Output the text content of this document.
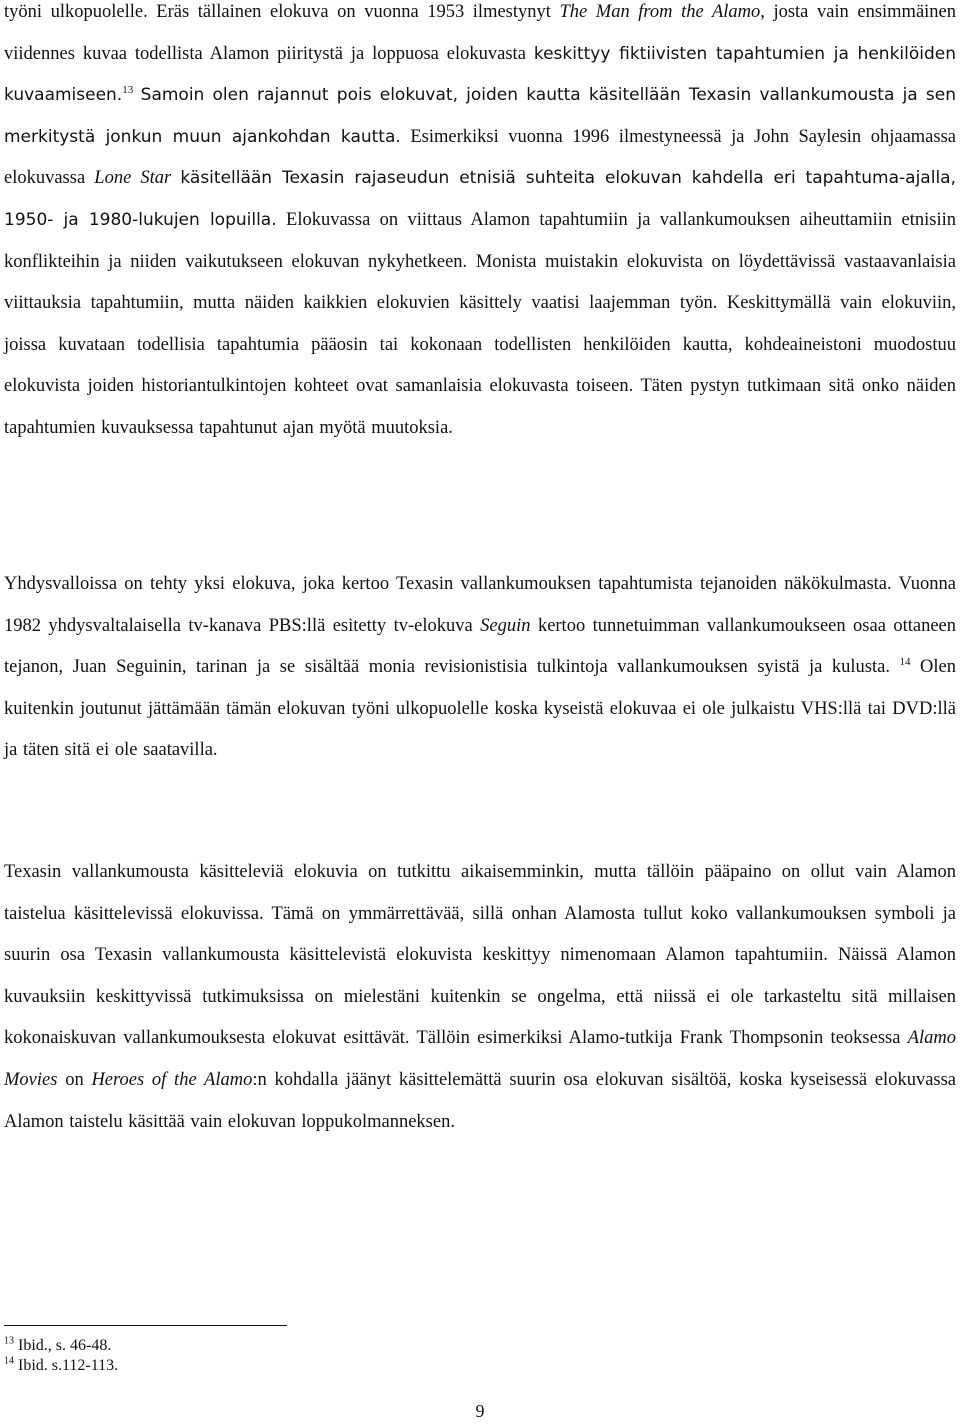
työni ulkopuolelle. Eräs tällainen elokuva on vuonna 1953 ilmestynyt The Man from the Alamo, josta vain ensimmäinen viidennes kuvaa todellista Alamon piiritystä ja loppuosa elokuvasta keskittyy fiktiivisten tapahtumien ja henkilöiden kuvaamiseen.$^{13}$ Samoin olen rajannut pois elokuvat, joiden kautta käsitellään Texasin vallankumousta ja sen merkitystä jonkun muun ajankohdan kautta. Esimerkiksi vuonna 1996 ilmestyneessä ja John Saylesin ohjaamassa elokuvassa Lone Star käsitellään Texasin rajaseudun etnisiä suhteita elokuvan kahdella eri tapahtuma-ajalla, 1950- ja 1980-lukujen lopuilla. Elokuvassa on viittaus Alamon tapahtumiin ja vallankumouksen aiheuttamiin etnisiin konflikteihin ja niiden vaikutukseen elokuvan nykyhetkeen. Monista muistakin elokuvista on löydettävissä vastaavanlaisia viittauksia tapahtumiin, mutta näiden kaikkien elokuvien käsittely vaatisi laajemman työn. Keskittymällä vain elokuviin, joissa kuvataan todellisia tapahtumia pääosin tai kokonaan todellisten henkilöiden kautta, kohdeaineistoni muodostuu elokuvista joiden historiantulkintojen kohteet ovat samanlaisia elokuvasta toiseen. Täten pystyn tutkimaan sitä onko näiden tapahtumien kuvauksessa tapahtunut ajan myötä muutoksia.

Yhdysvalloissa on tehty yksi elokuva, joka kertoo Texasin vallankumouksen tapahtumista tejanoiden näkökulmasta. Vuonna 1982 yhdysvaltalaisella tv-kanava PBS:llä esitetty tv-elokuva Seguin kertoo tunnetuimman vallankumoukseen osaa ottaneen tejanon, Juan Seguinin, tarinan ja se sisältää monia revisionistisia tulkintoja vallankumouksen syistä ja kulusta. $^{14}$ Olen kuitenkin joutunut jättämään tämän elokuvan työni ulkopuolelle koska kyseistä elokuvaa ei ole julkaistu VHS:llä tai DVD:llä ja täten sitä ei ole saatavilla.

Texasin vallankumousta käsitteleviä elokuvia on tutkittu aikaisemminkin, mutta tällöin pääpaino on ollut vain Alamon taistelua käsittelevissä elokuvissa. Tämä on ymmärrettävää, sillä onhan Alamosta tullut koko vallankumouksen symboli ja suurin osa Texasin vallankumousta käsittelevistä elokuvista keskittyy nimenomaan Alamon tapahtumiin. Näissä Alamon kuvauksiin keskittyvissä tutkimuksissa on mielestäni kuitenkin se ongelma, että niissä ei ole tarkasteltu sitä millaisen kokonaiskuvan vallankumouksesta elokuvat esittävät. Tällöin esimerkiksi Alamo-tutkija Frank Thompsonin teoksessa Alamo Movies on Heroes of the Alamo:n kohdalla jäänyt käsittelemättä suurin osa elokuvan sisältöä, koska kyseisessä elokuvassa Alamon taistelu käsittää vain elokuvan loppukolmanneksen.

$^{13}$ Ibid., s. 46-48.
$^{14}$ Ibid. s.112-113.
9
